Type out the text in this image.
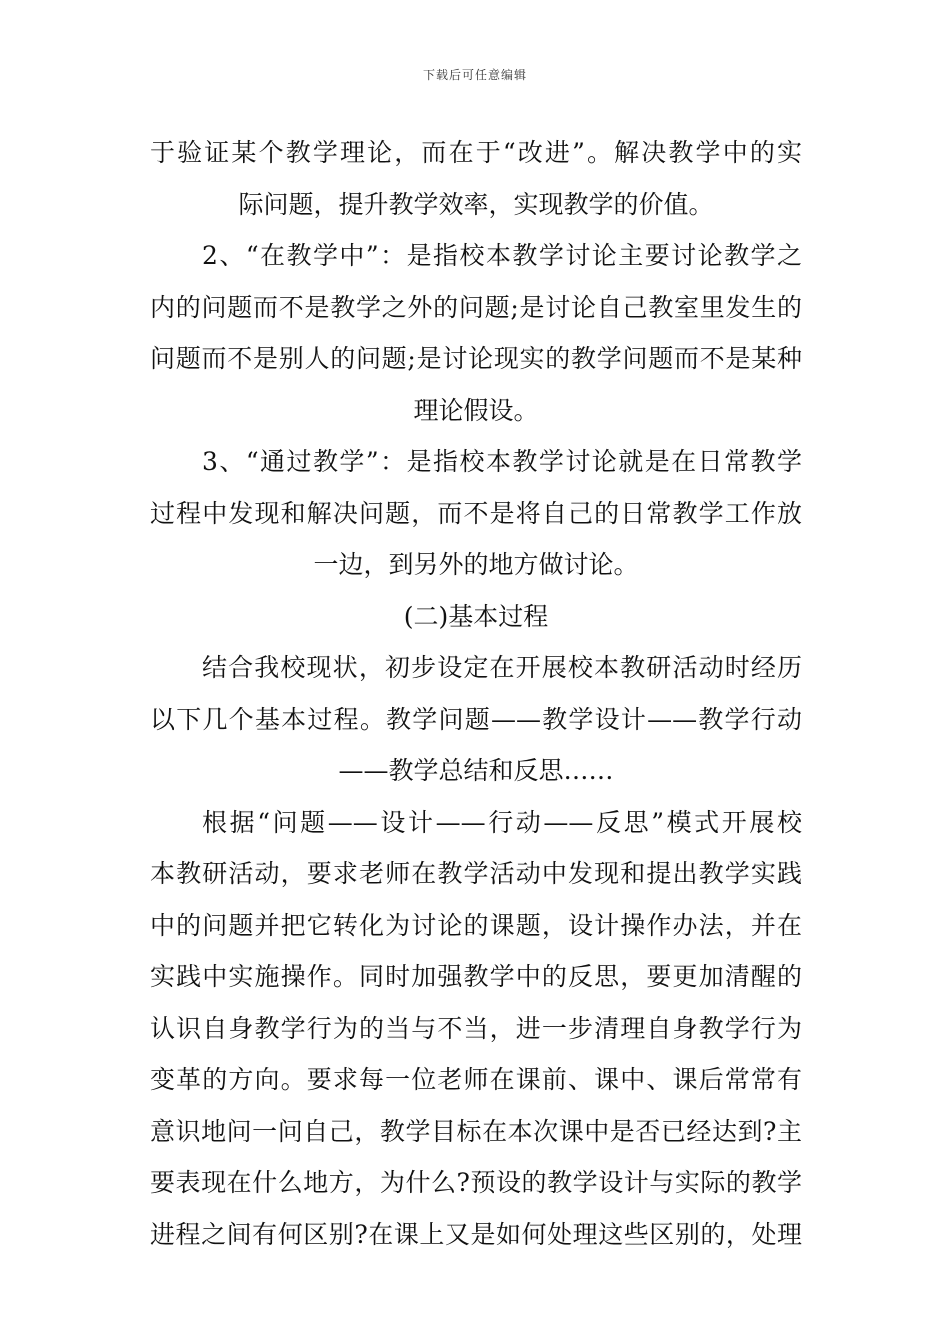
下载后可任意编辑
于验证某个教学理论，而在于“改进”。解决教学中的实
际问题，提升教学效率，实现教学的价值。
2、“在教学中”：是指校本教学讨论主要讨论教学之
内的问题而不是教学之外的问题;是讨论自己教室里发生的
问题而不是别人的问题;是讨论现实的教学问题而不是某种
理论假设。
3、“通过教学”：是指校本教学讨论就是在日常教学
过程中发现和解决问题，而不是将自己的日常教学工作放
一边，到另外的地方做讨论。
(二)基本过程
结合我校现状，初步设定在开展校本教研活动时经历
以下几个基本过程。教学问题——教学设计——教学行动
——教学总结和反思……
根据“问题——设计——行动——反思”模式开展校
本教研活动，要求老师在教学活动中发现和提出教学实践
中的问题并把它转化为讨论的课题，设计操作办法，并在
实践中实施操作。同时加强教学中的反思，要更加清醒的
认识自身教学行为的当与不当，进一步清理自身教学行为
变革的方向。要求每一位老师在课前、课中、课后常常有
意识地问一问自己，教学目标在本次课中是否已经达到?主
要表现在什么地方，为什么?预设的教学设计与实际的教学
进程之间有何区别?在课上又是如何处理这些区别的，处理
